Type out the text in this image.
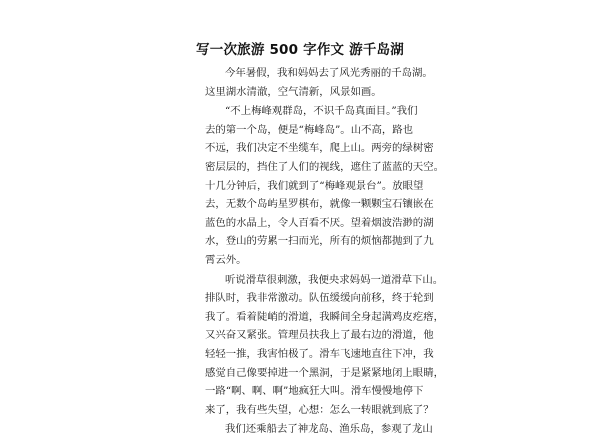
写一次旅游 500 字作文 游千岛湖
今年暑假，我和妈妈去了风光秀丽的千岛湖。
这里湖水清澈，空气清新，风景如画。
“不上梅峰观群岛，不识千岛真面目。”我们
去的第一个岛，便是“梅峰岛”。山不高，路也
不远，我们决定不坐缆车，爬上山。两旁的绿树密
密层层的，挡住了人们的视线，遮住了蓝蓝的天空。
十几分钟后，我们就到了“梅峰观景台”。放眼望
去，无数个岛屿星罗棋布，就像一颗颗宝石镶嵌在
蓝色的水晶上，令人百看不厌。望着烟波浩渺的湖
水，登山的劳累一扫而光，所有的烦恼都抛到了九
霄云外。
听说滑草很刺激，我便央求妈妈一道滑草下山。
排队时，我非常激动。队伍缓缓向前移，终于轮到
我了。看着陡峭的滑道，我瞬间全身起满鸡皮疙瘩，
又兴奋又紧张。管理员扶我上了最右边的滑道，他
轻轻一推，我害怕极了。滑车飞速地直往下冲，我
感觉自己像要掉进一个黑洞，于是紧紧地闭上眼睛，
一路“啊、啊、啊”地疯狂大叫。滑车慢慢地停下
来了，我有些失望，心想：怎么一转眼就到底了？
我们还乘船去了神龙岛、渔乐岛，参观了龙山
